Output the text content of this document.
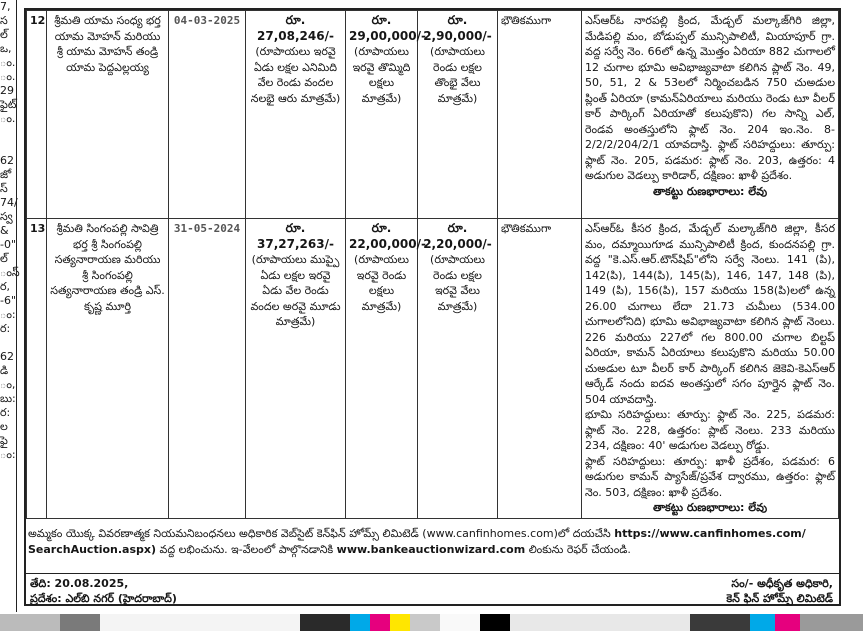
7,
స
ల్
ఒ,
ం.
ం.
29
ఫైట్
ం.
62
జో
స్
74/
స్వ
&
-0"
ల్
ంస్
ర,
-6"
ం:
ర:
62
డి
ం,
బు:
ర:
ల
ఫై
ం:
12	శ్రీమతి యామ సంధ్య భర్త యామ మోహన్ మరియు శ్రీ యామ మోహన్ తండ్రి యామ పెద్దఎల్లయ్య	04-03-2025	రూ. 27,08,246/-
(రూపాయలు ఇరవై ఏడు లక్షల ఎనిమిది వేల రెండు వందల నలభై ఆరు మాత్రమే)	రూ. 29,00,000/-
(రూపాయలు ఇరవై తొమ్మిది లక్షలు మాత్రమే)	రూ. 2,90,000/-
(రూపాయలు రెండు లక్షల తొంభై వేలు మాత్రమే)	భౌతికముగా	ఎస్ఆర్ఓ నారపల్లి క్రింద, మేడ్చల్ మల్కాజ్‌గిరి జిల్లా, మేడిపల్లి మం, బోడుప్పల్ మున్సిపాలిటీ, మియాపూర్ గ్రా. వద్ద సర్వే నెం. 66లో ఉన్న మొత్తం ఏరియా 882 చుగాలలో 12 చుగాల భూమి అవిభాజ్యవాటా కలిగిన ప్లాట్ నెం. 49, 50, 51, 2 & 53లలో నిర్మించబడిన 750 చుఅడుల ప్లింత్ ఏరియా (కామన్‌ఏరియాలు మరియు రెండు టూ వీలర్ కార్ పార్కింగ్ ఏరియాతో కలుపుకొని) గల సాన్ని ఎల్, రెండవ అంతస్తులోని ఫ్లాట్ నెం. 204 ఇం.నెం. 8-2/2/2/204/2/1 యావదాస్తి. ఫ్లాట్ సరిహద్దులు: తూర్పు: ఫ్లాట్ నెం. 205, పడమర: ఫ్లాట్ నెం. 203, ఉత్తరం: 4 అడుగుల వెడల్పు కారిడార్, దక్షిణం: ఖాళీ ప్రదేశం.
తాకట్టు రుణభారాలు: లేవు

13	శ్రీమతి సింగంపల్లి సావిత్రి భర్త శ్రీ సింగంపల్లి సత్యనారాయణ మరియు శ్రీ సింగంపల్లి సత్యనారాయణ తండ్రి ఎస్. కృష్ణ మూర్తి	31-05-2024	రూ. 37,27,263/-
(రూపాయలు ముప్పై ఏడు లక్షల ఇరవై ఏడు వేల రెండు వందల అరవై మూడు మాత్రమే)	రూ. 22,00,000/-
(రూపాయలు ఇరవై రెండు లక్షలు మాత్రమే)	రూ. 2,20,000/-
(రూపాయలు రెండు లక్షల ఇరవై వేలు మాత్రమే)	భౌతికముగా	ఎస్ఆర్ఓ కీసర క్రింద, మేడ్చల్ మల్కాజ్‌గిరి జిల్లా, కీసర మం, దమ్మాయిగూడ మున్సిపాలిటీ క్రింద, కుందనపల్లి గ్రా. వద్ద "కె.ఎస్.ఆర్.టౌన్‌షిప్"లోని సర్వే నెంలు. 141 (పి), 142(పి), 144(పి), 145(పి), 146, 147, 148 (పి), 149 (పి), 156(పి), 157 మరియు 158(పి)లలో ఉన్న 26.00 చుగాలు లేదా 21.73 చుమీలు (534.00 చుగాలలోనిది) భూమి అవిభాజ్యవాటా కలిగిన ప్లాట్ నెంలు. 226 మరియు 227లో గల 800.00 చుగాల బిల్టప్ ఏరియా, కామన్ ఏరియాలు కలుపుకొని మరియు 50.00 చుఅడుల టూ వీలర్ కార్ పార్కింగ్ కలిగిన జెకెవి-కెఎస్ఆర్ ఆర్కేడ్ నందు ఐదవ అంతస్తులో సగం పూర్తైన ఫ్లాట్ నెం. 504 యావదాస్తి.
భూమి సరిహద్దులు: తూర్పు: ఫ్లాట్ నెం. 225, పడమర: ఫ్లాట్ నెం. 228, ఉత్తరం: ప్లాట్ నెంలు. 233 మరియు 234, దక్షిణం: 40' అడుగుల వెడల్పు రోడ్డు.
ఫ్లాట్ సరిహద్దులు: తూర్పు: ఖాళీ ప్రదేశం, పడమర: 6 అడుగుల కామన్ ప్యాసేజ్/ప్రవేశ ద్వారము, ఉత్తరం: ఫ్లాట్ నెం. 503, దక్షిణం: ఖాళీ ప్రదేశం.
తాకట్టు రుణభారాలు: లేవు
అమ్మకం యొక్క వివరణాత్మక నియమనిబంధనలు అధికారిక వెబ్‌సైట్ కెన్‌ఫిన్ హోమ్స్ లిమిటెడ్ (www.canfinhomes.com)లో దయచేసి https://www.canfinhomes.com/
SearchAuction.aspx) వద్ద లభించును. ఇ-వేలంలో పాల్గొనడానికి www.bankeauctionwizard.com లింకును రెఫర్ చేయండి.
తేది: 20.08.2025,
ప్రదేశం: ఎల్‌బి నగర్ (హైదరాబాద్)
సం/- అధీకృత అధికారి,
కెన్ ఫిన్ హోమ్స్ లిమిటెడ్
